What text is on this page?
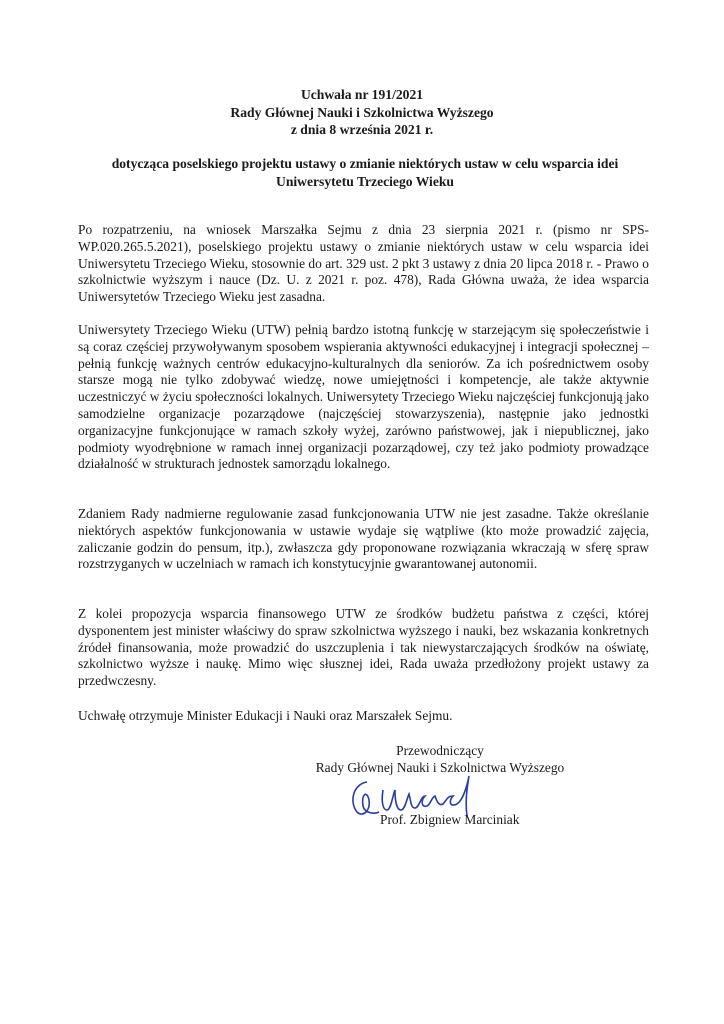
Uchwała nr 191/2021
Rady Głównej Nauki i Szkolnictwa Wyższego
z dnia 8 września 2021 r.
dotycząca poselskiego projektu ustawy o zmianie niektórych ustaw w celu wsparcia idei
Uniwersytetu Trzeciego Wieku
Po rozpatrzeniu, na wniosek Marszałka Sejmu z dnia 23 sierpnia 2021 r. (pismo nr SPS-WP.020.265.5.2021), poselskiego projektu ustawy o zmianie niektórych ustaw w celu wsparcia idei Uniwersytetu Trzeciego Wieku, stosownie do art. 329 ust. 2 pkt 3 ustawy z dnia 20 lipca 2018 r. - Prawo o szkolnictwie wyższym i nauce (Dz. U. z 2021 r. poz. 478), Rada Główna uważa, że idea wsparcia Uniwersytetów Trzeciego Wieku jest zasadna.
Uniwersytety Trzeciego Wieku (UTW) pełnią bardzo istotną funkcję w starzejącym się społeczeństwie i są coraz częściej przywoływanym sposobem wspierania aktywności edukacyjnej i integracji społecznej – pełnią funkcję ważnych centrów edukacyjno-kulturalnych dla seniorów. Za ich pośrednictwem osoby starsze mogą nie tylko zdobywać wiedzę, nowe umiejętności i kompetencje, ale także aktywnie uczestniczyć w życiu społeczności lokalnych. Uniwersytety Trzeciego Wieku najczęściej funkcjonują jako samodzielne organizacje pozarządowe (najczęściej stowarzyszenia), następnie jako jednostki organizacyjne funkcjonujące w ramach szkoły wyżej, zarówno państwowej, jak i niepublicznej, jako podmioty wyodrębnione w ramach innej organizacji pozarządowej, czy też jako podmioty prowadzące działalność w strukturach jednostek samorządu lokalnego.
Zdaniem Rady nadmierne regulowanie zasad funkcjonowania UTW nie jest zasadne. Także określanie niektórych aspektów funkcjonowania w ustawie wydaje się wątpliwe (kto może prowadzić zajęcia, zaliczanie godzin do pensum, itp.), zwłaszcza gdy proponowane rozwiązania wkraczają w sferę spraw rozstrzyganych w uczelniach w ramach ich konstytucyjnie gwarantowanej autonomii.
Z kolei propozycja wsparcia finansowego UTW ze środków budżetu państwa z części, której dysponentem jest minister właściwy do spraw szkolnictwa wyższego i nauki, bez wskazania konkretnych źródeł finansowania, może prowadzić do uszczuplenia i tak niewystarczających środków na oświatę, szkolnictwo wyższe i naukę. Mimo więc słusznej idei, Rada uważa przedłożony projekt ustawy za przedwczesny.
Uchwałę otrzymuje Minister Edukacji i Nauki oraz Marszałek Sejmu.
Przewodniczący
Rady Głównej Nauki i Szkolnictwa Wyższego
Prof. Zbigniew Marciniak
